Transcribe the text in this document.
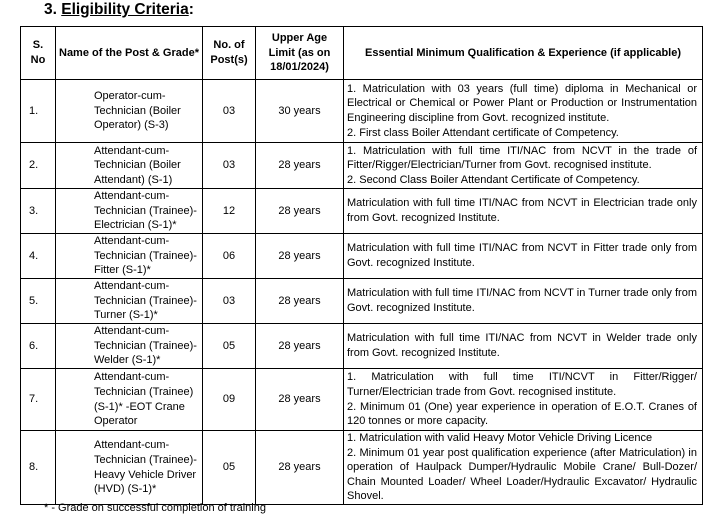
3. Eligibility Criteria:
S. No	Name of the Post & Grade*	No. of Post(s)	Upper Age Limit (as on 18/01/2024)	Essential Minimum Qualification & Experience (if applicable)
1.	Operator-cum-Technician (Boiler Operator) (S-3)	03	30 years	1. Matriculation with 03 years (full time) diploma in Mechanical or Electrical or Chemical or Power Plant or Production or Instrumentation Engineering discipline from Govt. recognized institute.

2. First class Boiler Attendant certificate of Competency.

2.	Attendant-cum-Technician (Boiler Attendant) (S-1)	03	28 years	1. Matriculation with full time ITI/NAC from NCVT in the trade of Fitter/Rigger/Electrician/Turner from Govt. recognised institute.

2. Second Class Boiler Attendant Certificate of Competency.

3.	Attendant-cum-Technician (Trainee)-Electrician (S-1)*	12	28 years	Matriculation with full time ITI/NAC from NCVT in Electrician trade only from Govt. recognized Institute.

4.	Attendant-cum-Technician (Trainee)-Fitter (S-1)*	06	28 years	Matriculation with full time ITI/NAC from NCVT in Fitter trade only from Govt. recognized Institute.

5.	Attendant-cum-Technician (Trainee)-Turner (S-1)*	03	28 years	Matriculation with full time ITI/NAC from NCVT in Turner trade only from Govt. recognized Institute.

6.	Attendant-cum-Technician (Trainee)-Welder (S-1)*	05	28 years	Matriculation with full time ITI/NAC from NCVT in Welder trade only from Govt. recognized Institute.

7.	Attendant-cum-Technician (Trainee) (S-1)* -EOT Crane Operator	09	28 years	1. Matriculation with full time ITI/NCVT in Fitter/Rigger/ Turner/Electrician trade from Govt. recognised institute.

2. Minimum 01 (One) year experience in operation of E.O.T. Cranes of 120 tonnes or more capacity.

8.	Attendant-cum-Technician (Trainee)-Heavy Vehicle Driver (HVD) (S-1)*	05	28 years	1. Matriculation with valid Heavy Motor Vehicle Driving Licence

2. Minimum 01 year post qualification experience (after Matriculation) in operation of Haulpack Dumper/Hydraulic Mobile Crane/ Bull-Dozer/ Chain Mounted Loader/ Wheel Loader/Hydraulic Excavator/ Hydraulic Shovel.

* - Grade on successful completion of training
